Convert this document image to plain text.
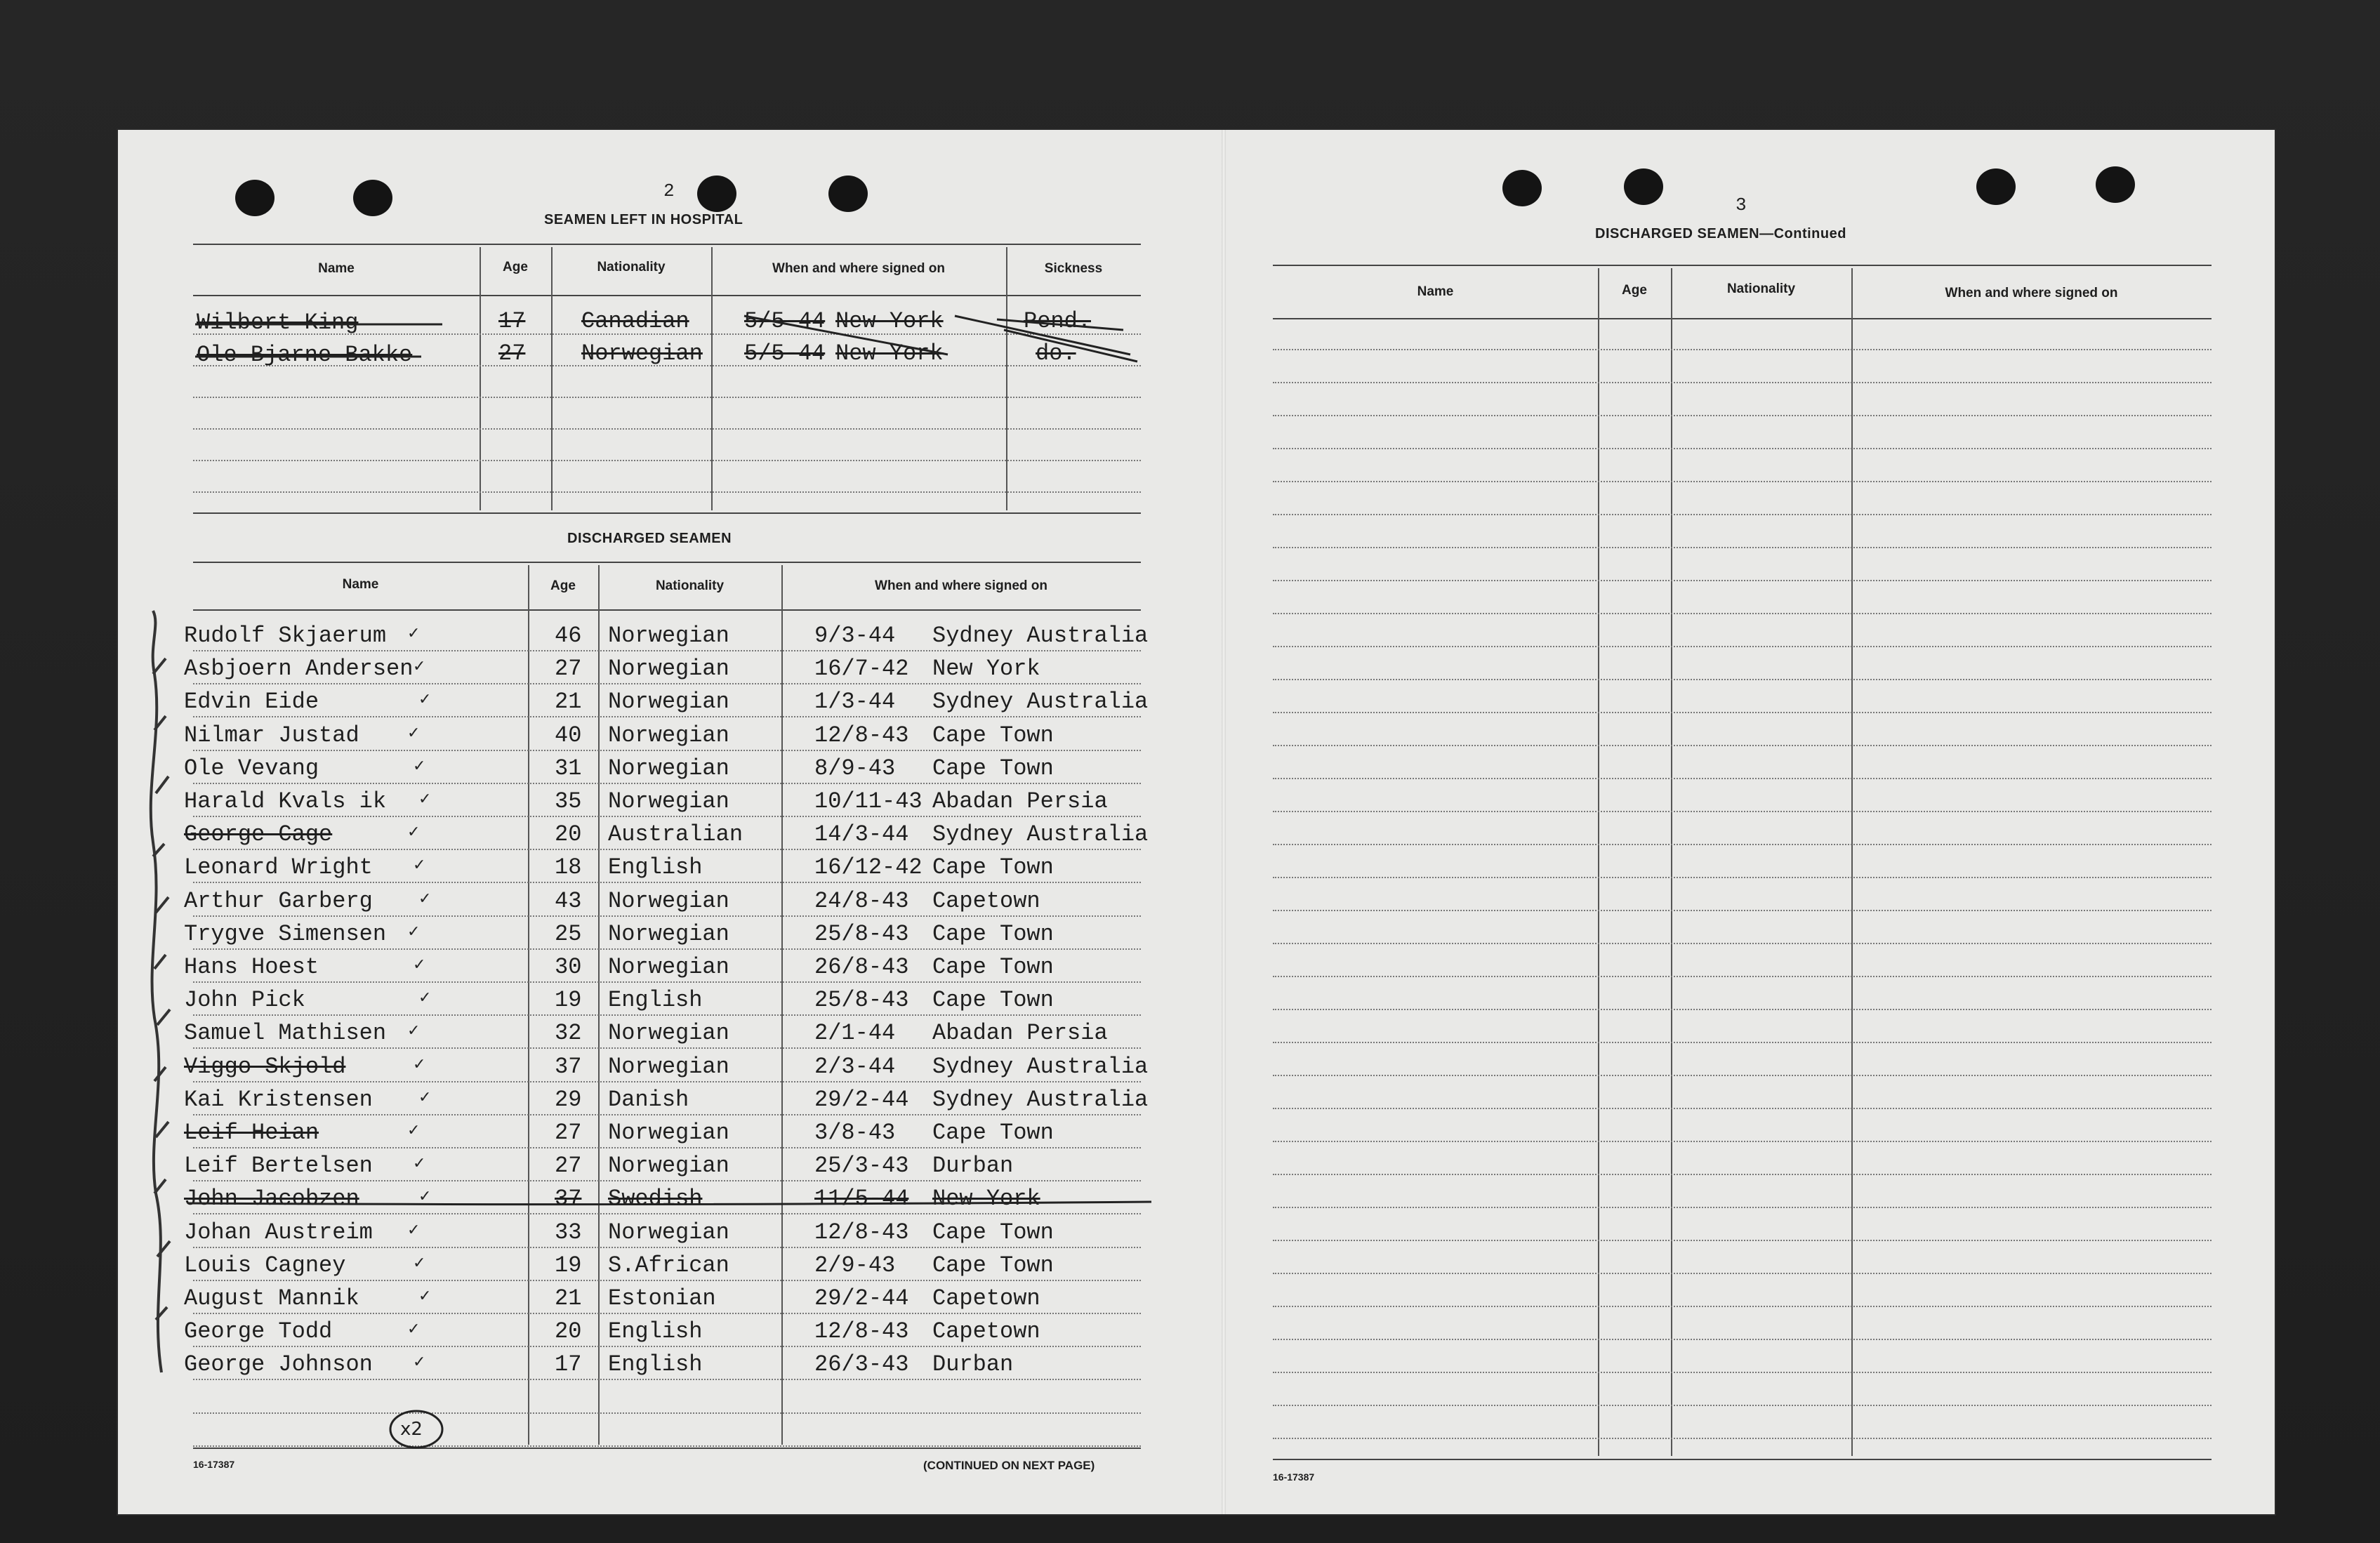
2
SEAMEN LEFT IN HOSPITAL
Name	Age	Nationality	When and where signed on	Sickness
Wilbert King	17 Canadian 5/5-44 New York	Pend.
Ole Bjarne Bakke	27 Norwegian 5/5-44 New York	do.
DISCHARGED SEAMEN
Name	Age	Nationality	When and where signed on
Rudolf Skjaerum	46 Norwegian	9/3-44 Sydney Australia
✓
Asbjoern Andersen	27 Norwegian	16/7-42 New York
✓
Edvin Eide	21 Norwegian	1/3-44 Sydney Australia
✓
Nilmar Justad	40 Norwegian	12/8-43 Cape Town
✓
Ole Vevang	31 Norwegian	8/9-43 Cape Town
✓
Harald Kvals ik	35 Norwegian	10/11-43 Abadan Persia
✓
George Cage	20 Australian	14/3-44 Sydney Australia
✓
Leonard Wright	18 English	16/12-42 Cape Town
✓
Arthur Garberg	43 Norwegian	24/8-43 Capetown
✓
Trygve Simensen	25 Norwegian	25/8-43 Cape Town
✓
Hans Hoest	30 Norwegian	26/8-43 Cape Town
✓
John Pick	19 English	25/8-43 Cape Town
✓
Samuel Mathisen	32 Norwegian	2/1-44 Abadan Persia
✓
Viggo Skjold	37 Norwegian	2/3-44 Sydney Australia
✓
Kai Kristensen	29 Danish	29/2-44 Sydney Australia
✓
Leif Heian	27 Norwegian	3/8-43 Cape Town
✓
Leif Bertelsen	27 Norwegian	25/3-43 Durban
✓
John Jacobzen	37 Swedish	11/5-44 New York
✓
Johan Austreim	33 Norwegian	12/8-43 Cape Town
✓
Louis Cagney	19 S.African	2/9-43 Cape Town
✓
August Mannik	21 Estonian	29/2-44 Capetown
✓
George Todd	20 English	12/8-43 Capetown
✓
George Johnson	17 English	26/3-43 Durban
✓
x2
16-17387	(CONTINUED ON NEXT PAGE)
3
DISCHARGED SEAMEN—Continued
Name	Age	Nationality	When and where signed on
16-17387
